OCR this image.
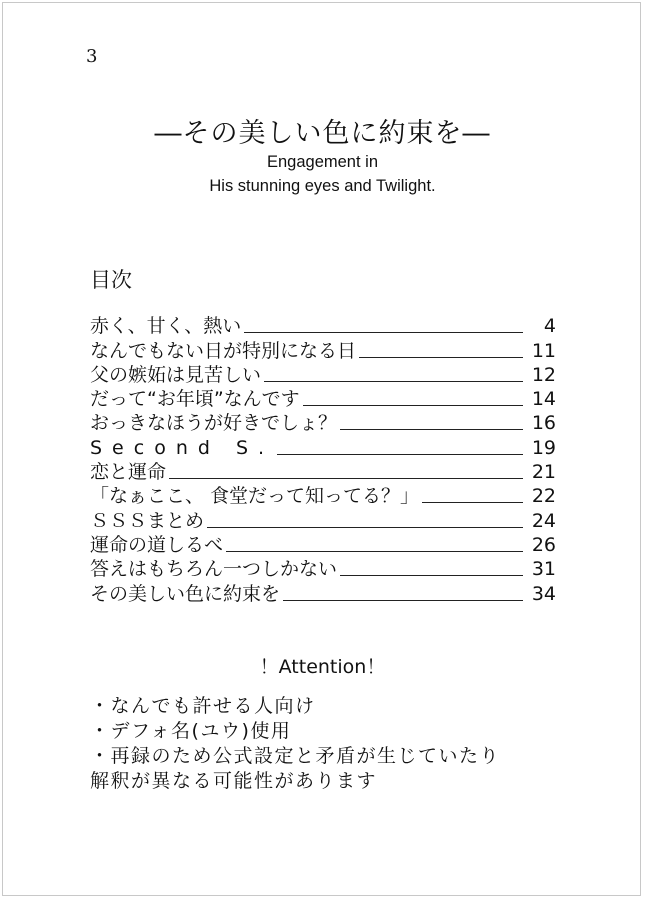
3
―その美しい色に約束を―
Engagement in
His stunning eyes and Twilight.
目次
赤く、甘く、熱い	4
なんでもない日が特別になる日	11
父の嫉妬は見苦しい	12
だって“お年頃”なんです	14
おっきなほうが好きでしょ？	16
Second S.	19
恋と運命	21
「なぁここ、 食堂だって知ってる？」	22
ＳＳＳまとめ	24
運命の道しるべ	26
答えはもちろん一つしかない	31
その美しい色に約束を	34
！Attention！
・なんでも許せる人向け
・デフォ名(ユウ)使用
・再録のため公式設定と矛盾が生じていたり
解釈が異なる可能性があります
